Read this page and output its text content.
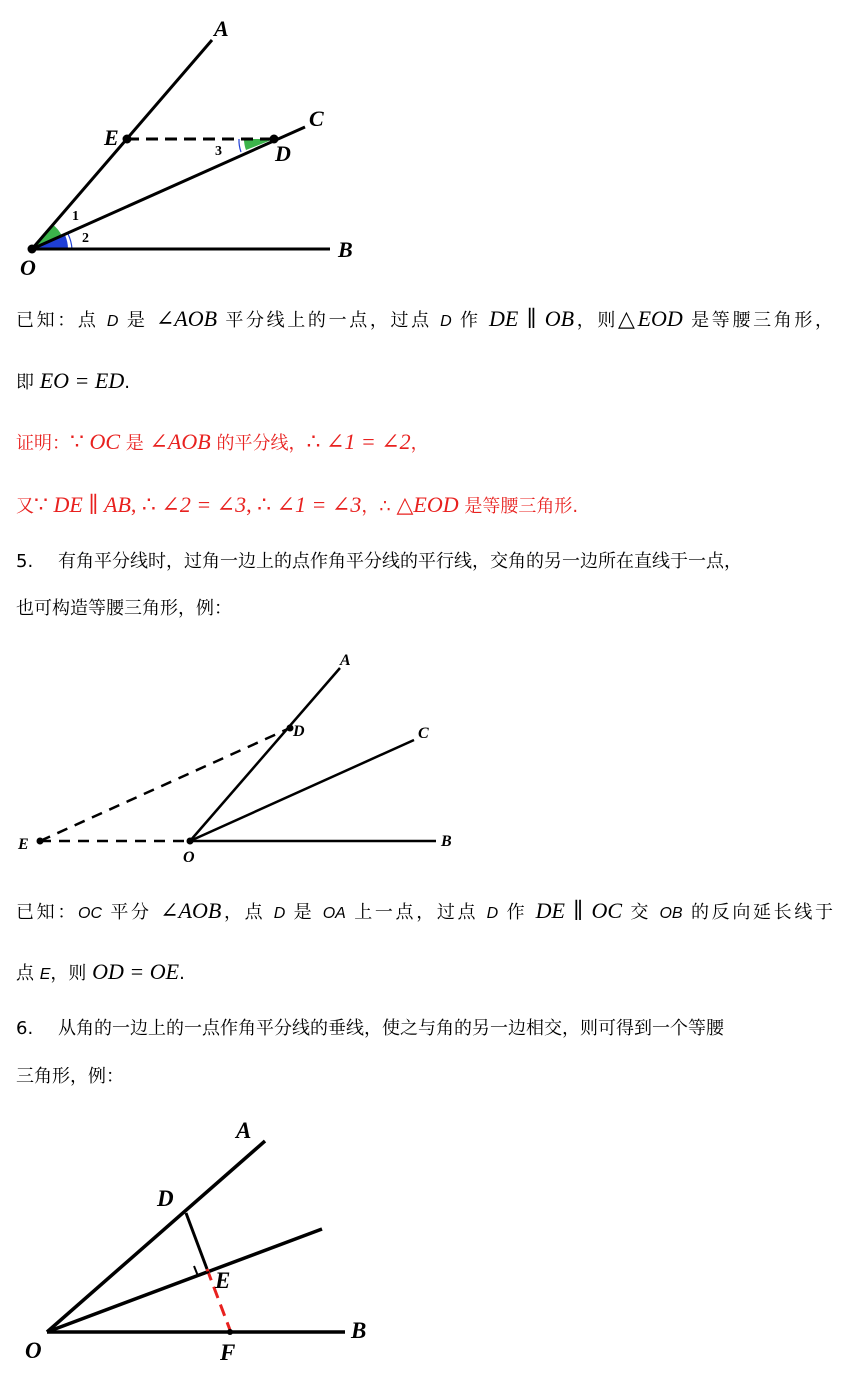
A
C
E
D
B
O
1
2
3
已知：点 D 是 ∠AOB 平分线上的一点，过点 D 作 DE ∥ OB，则△EOD 是等腰三角形，
即 EO = ED.
证明：∵ OC 是 ∠AOB 的平分线，∴ ∠1 = ∠2，
又∵ DE ∥ AB, ∴ ∠2 = ∠3, ∴ ∠1 = ∠3，∴ △EOD 是等腰三角形.
5. 有角平分线时，过角一边上的点作角平分线的平行线，交角的另一边所在直线于一点，
也可构造等腰三角形，例：
A
D	C
E
O
B
已知：OC 平分 ∠AOB，点 D 是 OA 上一点，过点 D 作 DE ∥ OC 交 OB 的反向延长线于
点 E，则 OD = OE.
6. 从角的一边上的一点作角平分线的垂线，使之与角的另一边相交，则可得到一个等腰
三角形，例：
A
D
E
B
O	F
